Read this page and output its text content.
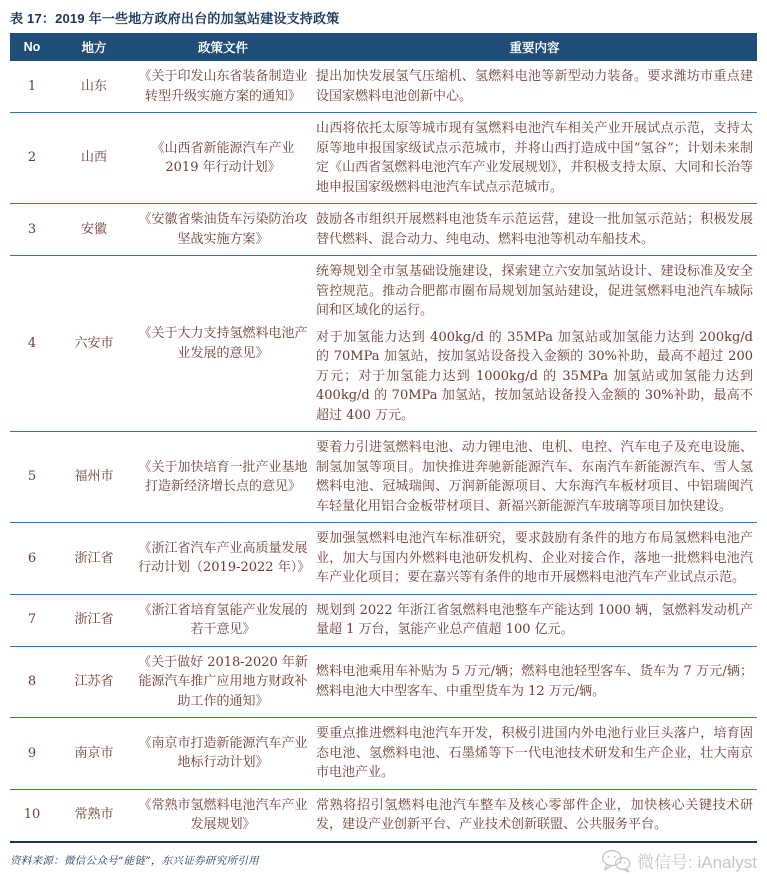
表 17：2019 年一些地方政府出台的加氢站建设支持政策
No	地方	政策文件	重要内容
1	山东	《关于印发山东省装备制造业转型升级实施方案的通知》	提出加快发展氢气压缩机、氢燃料电池等新型动力装备。要求潍坊市重点建设国家燃料电池创新中心。

2	山西	《山西省新能源汽车产业 2019 年行动计划》	山西将依托太原等城市现有氢燃料电池汽车相关产业开展试点示范，支持太原等地申报国家级试点示范城市，并将山西打造成中国“氢谷”；计划未来制定《山西省氢燃料电池汽车产业发展规划》，并积极支持太原、大同和长治等地申报国家级燃料电池汽车试点示范城市。

3	安徽	《安徽省柴油货车污染防治攻坚战实施方案》	鼓励各市组织开展燃料电池货车示范运营，建设一批加氢示范站；积极发展替代燃料、混合动力、纯电动、燃料电池等机动车船技术。

4	六安市	《关于大力支持氢燃料电池产业发展的意见》	统筹规划全市氢基础设施建设，探索建立六安加氢站设计、建设标准及安全管控规范。推动合肥都市圈布局规划加氢站建设，促进氢燃料电池汽车城际间和区域化的运行。

对于加氢能力达到 400kg/d 的 35MPa 加氢站或加氢能力达到 200kg/d 的 70MPa 加氢站，按加氢站设备投入金额的 30%补助，最高不超过 200 万元；对于加氢能力达到 1000kg/d 的 35MPa 加氢站或加氢能力达到 400kg/d 的 70MPa 加氢站，按加氢站设备投入金额的 30%补助，最高不超过 400 万元。

5	福州市	《关于加快培育一批产业基地打造新经济增长点的意见》	要着力引进氢燃料电池、动力锂电池、电机、电控、汽车电子及充电设施、制氢加氢等项目。加快推进奔驰新能源汽车、东南汽车新能源汽车、雪人氢燃料电池、冠城瑞闽、万润新能源项目、大东海汽车板材项目、中铝瑞闽汽车轻量化用铝合金板带材项目、新福兴新能源汽车玻璃等项目加快建设。

6	浙江省	《浙江省汽车产业高质量发展行动计划（2019-2022 年）》	要加强氢燃料电池汽车标准研究，要求鼓励有条件的地方布局氢燃料电池产业，加大与国内外燃料电池研发机构、企业对接合作，落地一批燃料电池汽车产业化项目；要在嘉兴等有条件的地市开展燃料电池汽车产业试点示范。

7	浙江省	《浙江省培育氢能产业发展的若干意见》	规划到 2022 年浙江省氢燃料电池整车产能达到 1000 辆，氢燃料发动机产量超 1 万台，氢能产业总产值超 100 亿元。

8	江苏省	《关于做好 2018-2020 年新能源汽车推广应用地方财政补助工作的通知》	燃料电池乘用车补贴为 5 万元/辆；燃料电池轻型客车、货车为 7 万元/辆；燃料电池大中型客车、中重型货车为 12 万元/辆。

9	南京市	《南京市打造新能源汽车产业地标行动计划》	要重点推进燃料电池汽车开发，积极引进国内外电池行业巨头落户，培育固态电池、氢燃料电池、石墨烯等下一代电池技术研发和生产企业，壮大南京市电池产业。

10	常熟市	《常熟市氢燃料电池汽车产业发展规划》	常熟将招引氢燃料电池汽车整车及核心零部件企业，加快核心关键技术研发，建设产业创新平台、产业技术创新联盟、公共服务平台。

资料来源：微信公众号“能链”，东兴证券研究所引用	微信号: iAnalyst
